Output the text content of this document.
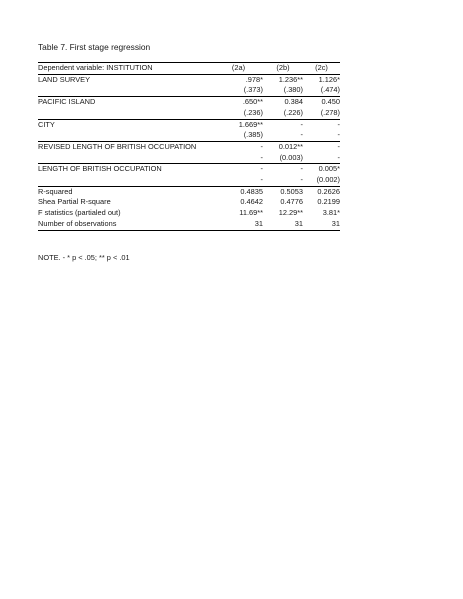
Table 7. First stage regression
Dependent variable: INSTITUTION	(2a)	(2b)	(2c)
LAND SURVEY	.978*	1.236**	1.126*
	(.373)	(.380)	(.474)
PACIFIC ISLAND	.650**	0.384	0.450
	(.236)	(.226)	(.278)
CITY	1.669**	-	-
	(.385)	-	-
REVISED LENGTH OF BRITISH OCCUPATION	-	0.012**	-
	-	(0.003)	-
LENGTH OF BRITISH OCCUPATION	-	-	0.005*
	-	-	(0.002)
R-squared	0.4835	0.5053	0.2626
Shea Partial R-square	0.4642	0.4776	0.2199
F statistics (partialed out)	11.69**	12.29**	3.81*
Number of observations	31	31	31
NOTE. - * p < .05; ** p < .01
